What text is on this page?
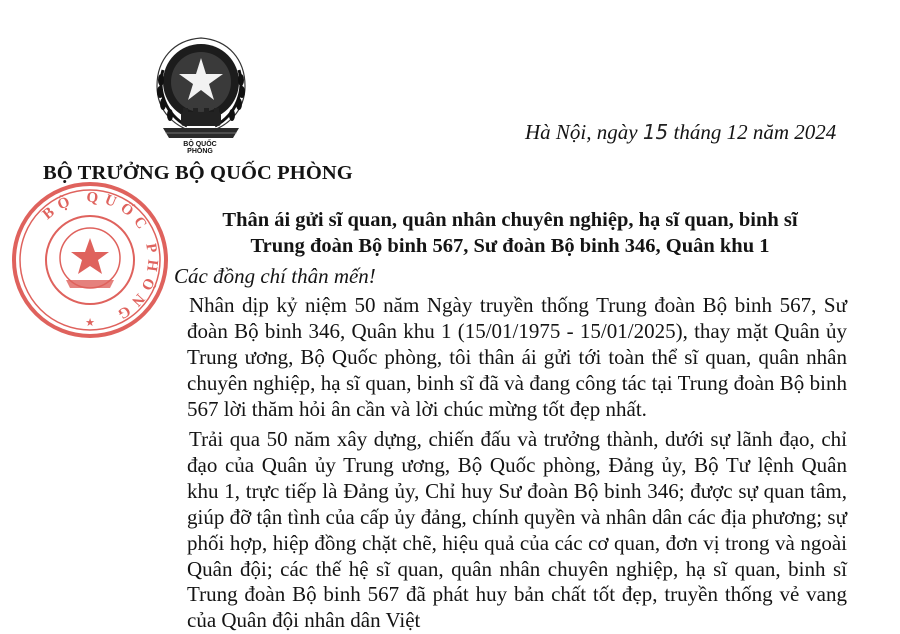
BỘ QUỐC PHÒNG
Hà Nội, ngày 15 tháng 12 năm 2024
BỘ TRƯỞNG BỘ QUỐC PHÒNG
BỘ QUỐC PHÒNG
★
Thân ái gửi sĩ quan, quân nhân chuyên nghiệp, hạ sĩ quan, binh sĩ
Trung đoàn Bộ binh 567, Sư đoàn Bộ binh 346, Quân khu 1
Các đồng chí thân mến!

Nhân dịp kỷ niệm 50 năm Ngày truyền thống Trung đoàn Bộ binh 567, Sư đoàn Bộ binh 346, Quân khu 1 (15/01/1975 - 15/01/2025), thay mặt Quân ủy Trung ương, Bộ Quốc phòng, tôi thân ái gửi tới toàn thể sĩ quan, quân nhân chuyên nghiệp, hạ sĩ quan, binh sĩ đã và đang công tác tại Trung đoàn Bộ binh 567 lời thăm hỏi ân cần và lời chúc mừng tốt đẹp nhất.

Trải qua 50 năm xây dựng, chiến đấu và trưởng thành, dưới sự lãnh đạo, chỉ đạo của Quân ủy Trung ương, Bộ Quốc phòng, Đảng ủy, Bộ Tư lệnh Quân khu 1, trực tiếp là Đảng ủy, Chỉ huy Sư đoàn Bộ binh 346; được sự quan tâm, giúp đỡ tận tình của cấp ủy đảng, chính quyền và nhân dân các địa phương; sự phối hợp, hiệp đồng chặt chẽ, hiệu quả của các cơ quan, đơn vị trong và ngoài Quân đội; các thế hệ sĩ quan, quân nhân chuyên nghiệp, hạ sĩ quan, binh sĩ Trung đoàn Bộ binh 567 đã phát huy bản chất tốt đẹp, truyền thống vẻ vang của Quân đội nhân dân Việt
